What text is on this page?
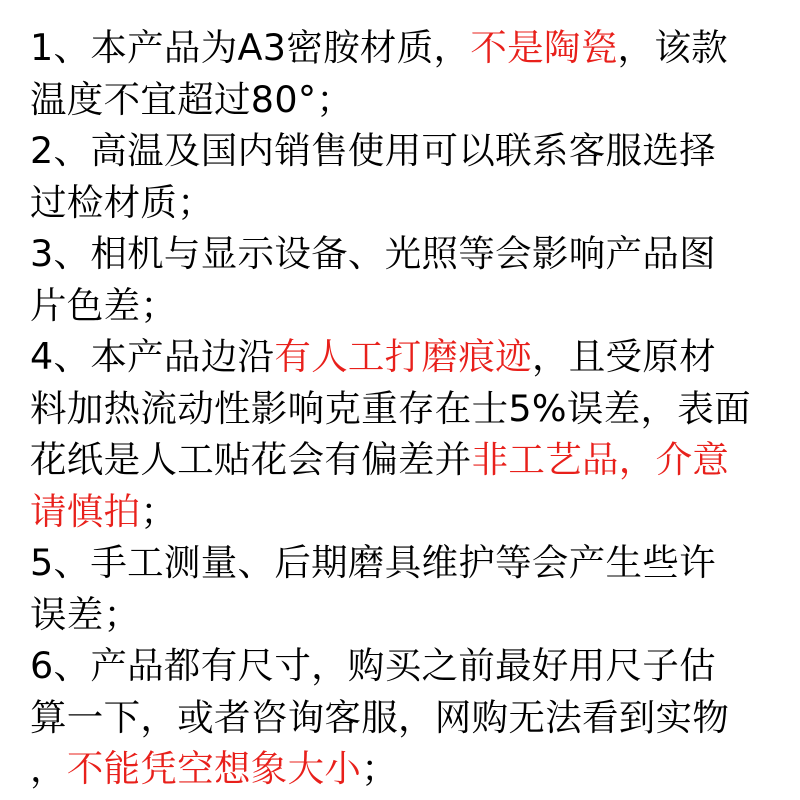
1、本产品为A3密胺材质，不是陶瓷，该款
温度不宜超过80°；
2、高温及国内销售使用可以联系客服选择
过检材质；
3、相机与显示设备、光照等会影响产品图
片色差；
4、本产品边沿有人工打磨痕迹，且受原材
料加热流动性影响克重存在士5%误差，表面
花纸是人工贴花会有偏差并非工艺品，介意
请慎拍；
5、手工测量、后期磨具维护等会产生些许
误差；
6、产品都有尺寸，购买之前最好用尺子估
算一下，或者咨询客服，网购无法看到实物
，不能凭空想象大小；
